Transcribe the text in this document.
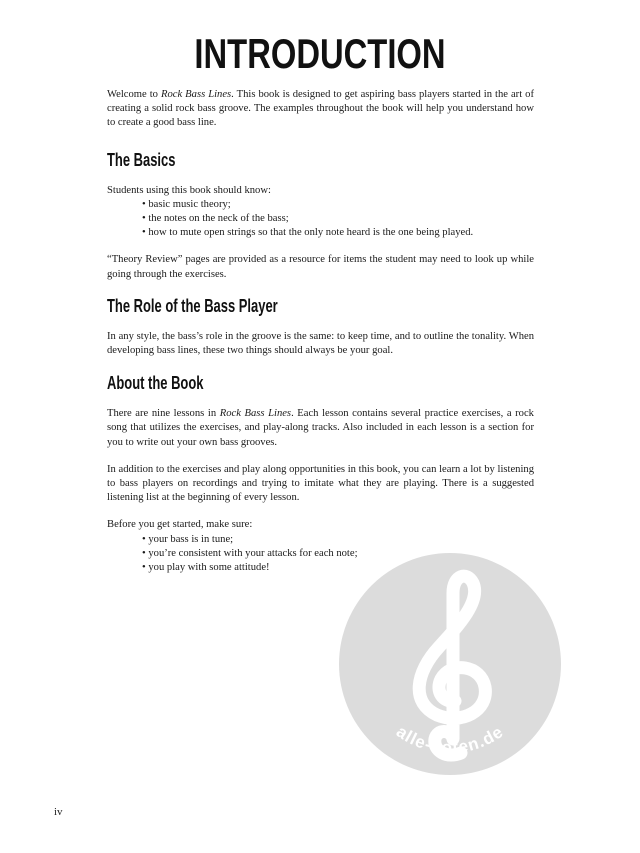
INTRODUCTION

Welcome to Rock Bass Lines. This book is designed to get aspiring bass players started in the art of creating a solid rock bass groove. The examples throughout the book will help you understand how to create a good bass line.

The Basics

Students using this book should know:

• basic music theory;
• the notes on the neck of the bass;
• how to mute open strings so that the only note heard is the one being played.

“Theory Review” pages are provided as a resource for items the student may need to look up while going through the exercises.

The Role of the Bass Player

In any style, the bass’s role in the groove is the same: to keep time, and to outline the tonality. When developing bass lines, these two things should always be your goal.

About the Book

There are nine lessons in Rock Bass Lines. Each lesson contains several practice exercises, a rock song that utilizes the exercises, and play-along tracks. Also included in each lesson is a section for you to write out your own bass grooves.

In addition to the exercises and play along opportunities in this book, you can learn a lot by listening to bass players on recordings and trying to imitate what they are playing. There is a suggested listening list at the beginning of every lesson.

Before you get started, make sure:

• your bass is in tune;
• you’re consistent with your attacks for each note;
• you play with some attitude!
alle-noten.de
iv
